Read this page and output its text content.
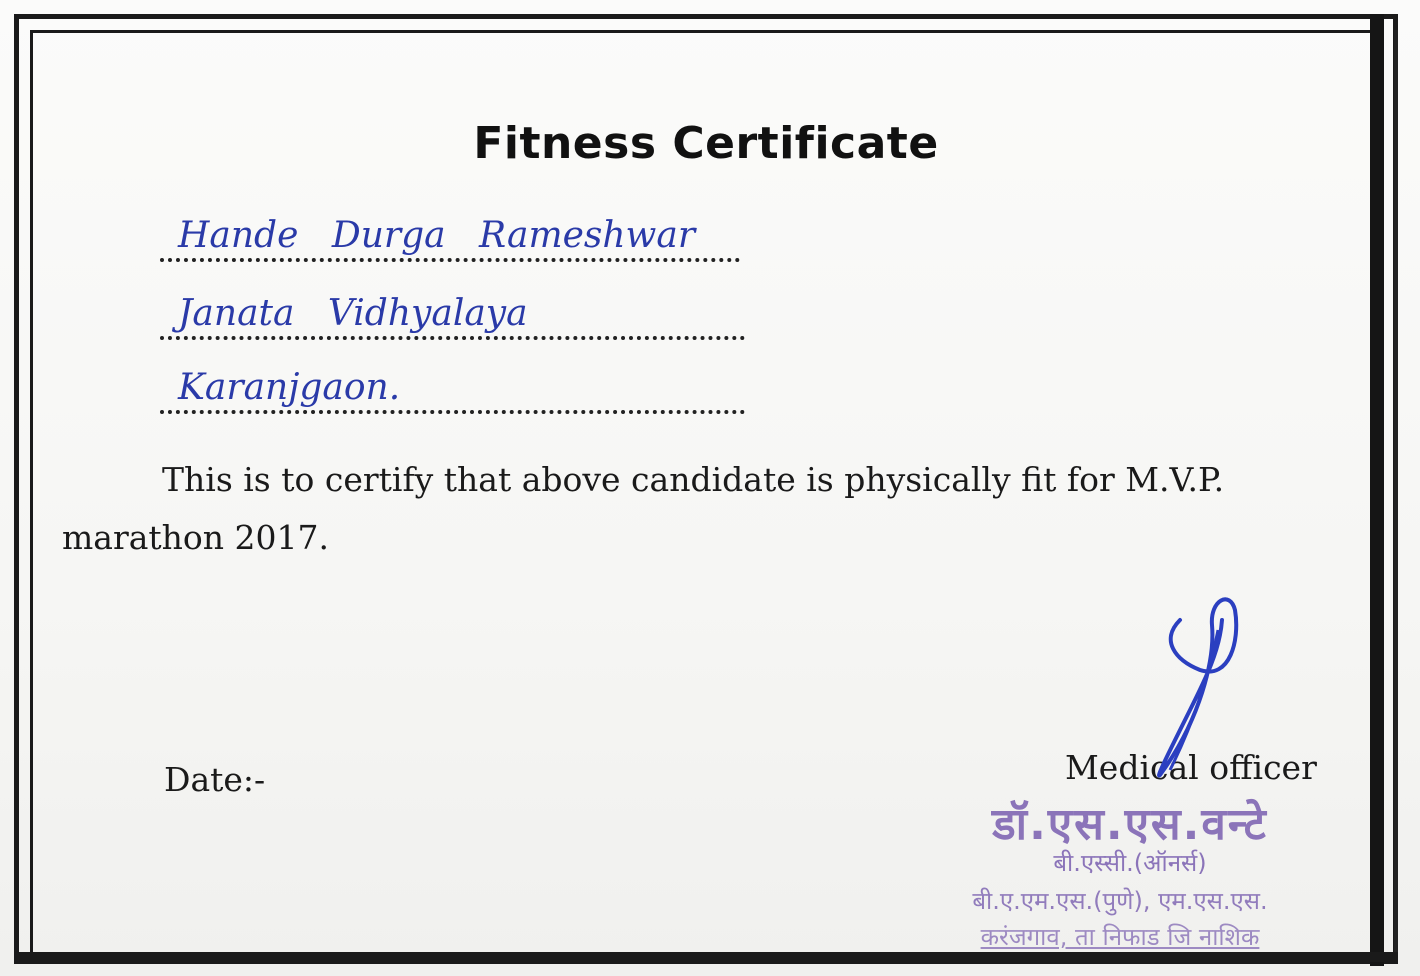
Fitness Certificate
Hande Durga Rameshwar
Janata Vidhyalaya
Karanjgaon.
This is to certify that above candidate is physically fit for M.V.P.
marathon 2017.
Date:-	Medical officer
डॉ.एस.एस.वन्टे
बी.एस्सी.(ऑनर्स)
बी.ए.एम.एस.(पुणे), एम.एस.एस.
करंजगाव, ता निफाड जि नाशिक
